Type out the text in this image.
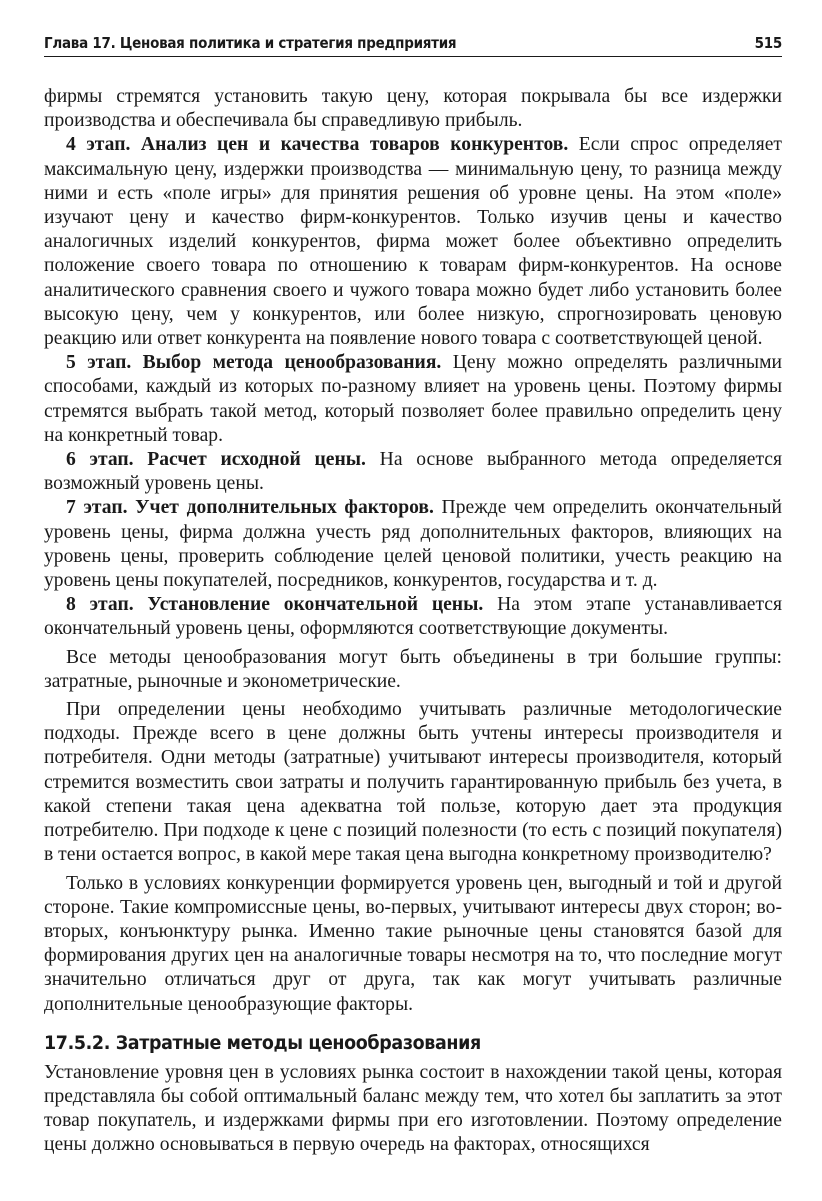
Глава 17. Ценовая политика и стратегия предприятия	515

фирмы стремятся установить такую цену, которая покрывала бы все издержки производства и обеспечивала бы справедливую прибыль.

4 этап. Анализ цен и качества товаров конкурентов. Если спрос определяет максимальную цену, издержки производства — минимальную цену, то разница между ними и есть «поле игры» для принятия решения об уровне цены. На этом «поле» изучают цену и качество фирм-конкурентов. Только изучив цены и качество аналогичных изделий конкурентов, фирма может более объективно определить положение своего товара по отношению к товарам фирм-конкурентов. На основе аналитического сравнения своего и чужого товара можно будет либо установить более высокую цену, чем у конкурентов, или более низкую, спрогнозировать ценовую реакцию или ответ конкурента на появление нового товара с соответствующей ценой.

5 этап. Выбор метода ценообразования. Цену можно определять различными способами, каждый из которых по-разному влияет на уровень цены. Поэтому фирмы стремятся выбрать такой метод, который позволяет более правильно определить цену на конкретный товар.

6 этап. Расчет исходной цены. На основе выбранного метода определяется возможный уровень цены.

7 этап. Учет дополнительных факторов. Прежде чем определить окончательный уровень цены, фирма должна учесть ряд дополнительных факторов, влияющих на уровень цены, проверить соблюдение целей ценовой политики, учесть реакцию на уровень цены покупателей, посредников, конкурентов, государства и т. д.

8 этап. Установление окончательной цены. На этом этапе устанавливается окончательный уровень цены, оформляются соответствующие документы.

Все методы ценообразования могут быть объединены в три большие группы: затратные, рыночные и эконометрические.

При определении цены необходимо учитывать различные методологические подходы. Прежде всего в цене должны быть учтены интересы производителя и потребителя. Одни методы (затратные) учитывают интересы производителя, который стремится возместить свои затраты и получить гарантированную прибыль без учета, в какой степени такая цена адекватна той пользе, которую дает эта продукция потребителю. При подходе к цене с позиций полезности (то есть с позиций покупателя) в тени остается вопрос, в какой мере такая цена выгодна конкретному производителю?

Только в условиях конкуренции формируется уровень цен, выгодный и той и другой стороне. Такие компромиссные цены, во-первых, учитывают интересы двух сторон; во-вторых, конъюнктуру рынка. Именно такие рыночные цены становятся базой для формирования других цен на аналогичные товары несмотря на то, что последние могут значительно отличаться друг от друга, так как могут учитывать различные дополнительные ценообразующие факторы.

17.5.2. Затратные методы ценообразования

Установление уровня цен в условиях рынка состоит в нахождении такой цены, которая представляла бы собой оптимальный баланс между тем, что хотел бы заплатить за этот товар покупатель, и издержками фирмы при его изготовлении. Поэтому определение цены должно основываться в первую очередь на факторах, относящихся
